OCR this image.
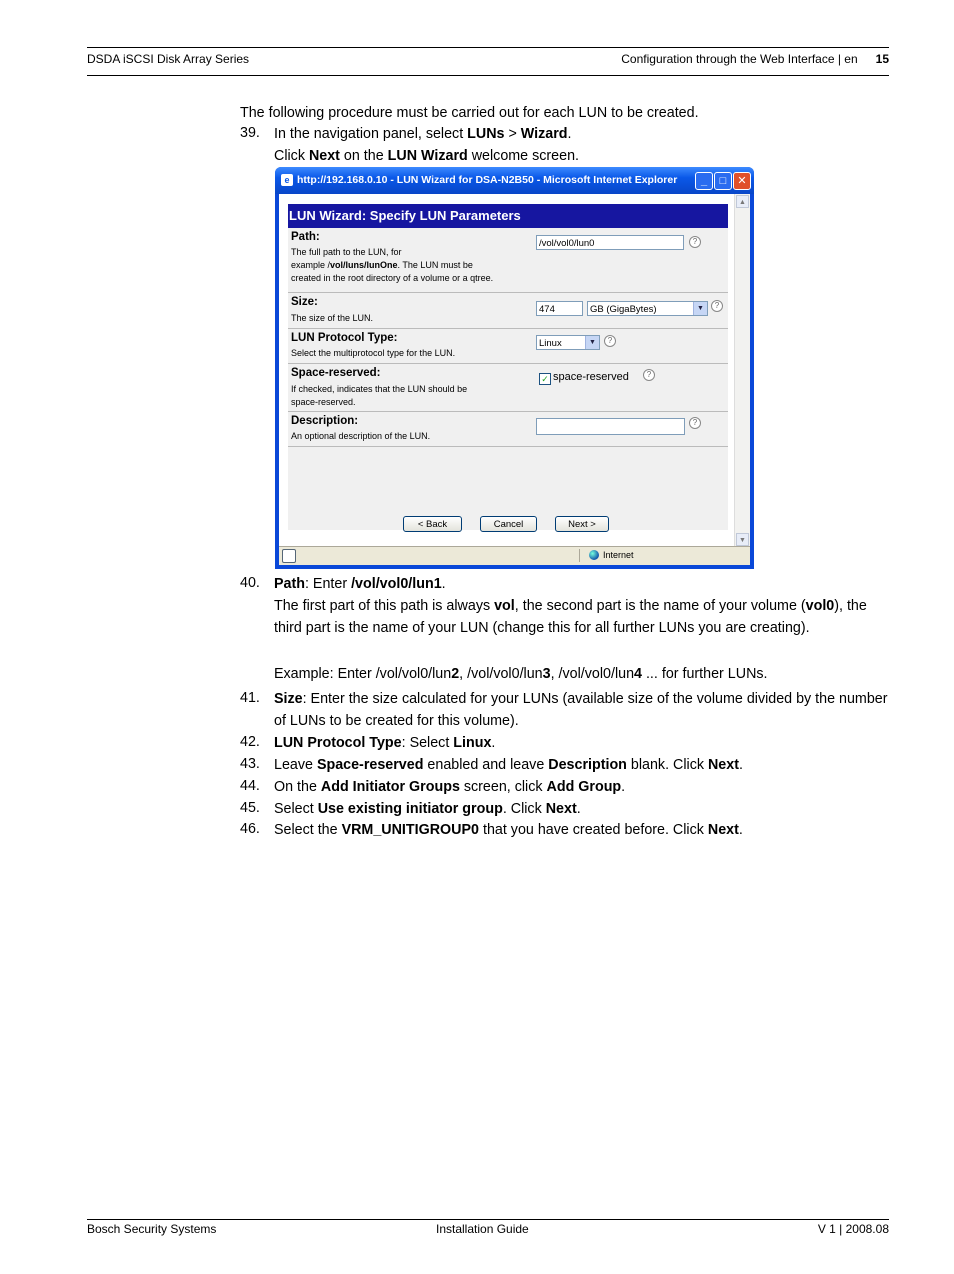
DSDA iSCSI Disk Array Series	Configuration through the Web Interface | en 15
The following procedure must be carried out for each LUN to be created.
39. In the navigation panel, select LUNs > Wizard.
Click Next on the LUN Wizard welcome screen.
e http://192.168.0.10 - LUN Wizard for DSA-N2B50 - Microsoft Internet Explorer	_	□	✕
▲
▼
LUN Wizard: Specify LUN Parameters
Path:
The full path to the LUN, for
example /vol/luns/lunOne. The LUN must be
created in the root directory of a volume or a qtree.
/vol/vol0/lun0	?
Size:
The size of the LUN.
474	GB (GigaBytes)	▼	?
LUN Protocol Type:
Select the multiprotocol type for the LUN.
Linux	▼	?
Space-reserved:
If checked, indicates that the LUN should be
space-reserved.
✓ space-reserved	?
Description:
An optional description of the LUN.
?
< Back	Cancel	Next >
Internet
40. Path: Enter /vol/vol0/lun1.
The first part of this path is always vol, the second part is the name of your volume (vol0), the third part is the name of your LUN (change this for all further LUNs you are creating).
Example: Enter /vol/vol0/lun2, /vol/vol0/lun3, /vol/vol0/lun4 ... for further LUNs.
41. Size: Enter the size calculated for your LUNs (available size of the volume divided by the number of LUNs to be created for this volume).
42. LUN Protocol Type: Select Linux.
43. Leave Space-reserved enabled and leave Description blank. Click Next.
44. On the Add Initiator Groups screen, click Add Group.
45. Select Use existing initiator group. Click Next.
46. Select the VRM_UNITIGROUP0 that you have created before. Click Next.
Bosch Security Systems	Installation Guide	V 1 | 2008.08
